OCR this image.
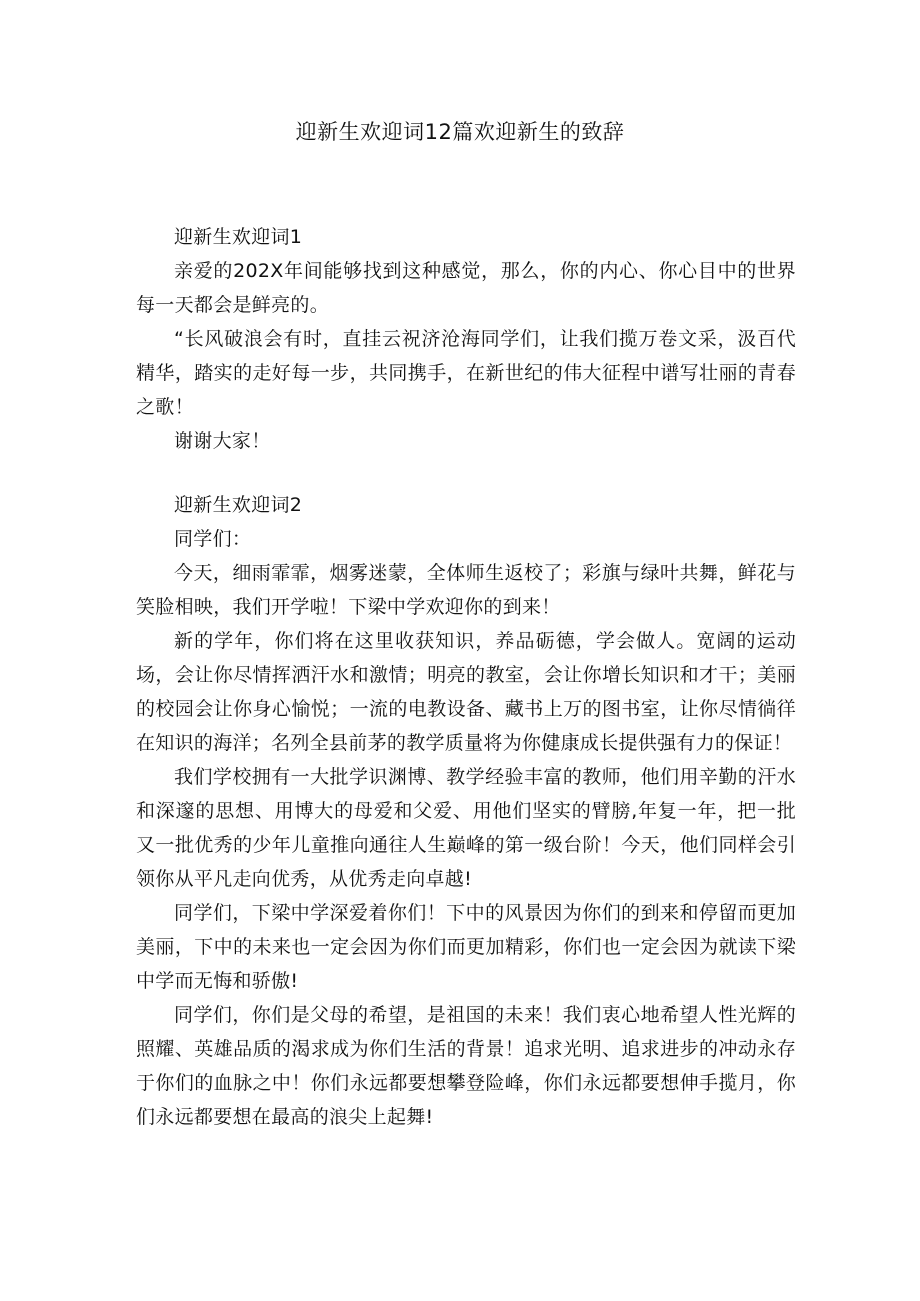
迎新生欢迎词12篇欢迎新生的致辞
迎新生欢迎词1

亲爱的202X年间能够找到这种感觉，那么，你的内心、你心目中的世界每一天都会是鲜亮的。

“长风破浪会有时，直挂云祝济沧海同学们，让我们揽万卷文采，汲百代精华，踏实的走好每一步，共同携手，在新世纪的伟大征程中谱写壮丽的青春之歌！

谢谢大家！

迎新生欢迎词2

同学们：

今天，细雨霏霏，烟雾迷蒙，全体师生返校了；彩旗与绿叶共舞，鲜花与笑脸相映，我们开学啦！下梁中学欢迎你的到来！

新的学年，你们将在这里收获知识，养品砺德，学会做人。宽阔的运动场，会让你尽情挥洒汗水和激情；明亮的教室，会让你增长知识和才干；美丽的校园会让你身心愉悦；一流的电教设备、藏书上万的图书室，让你尽情徜徉在知识的海洋；名列全县前茅的教学质量将为你健康成长提供强有力的保证！

我们学校拥有一大批学识渊博、教学经验丰富的教师，他们用辛勤的汗水和深邃的思想、用博大的母爱和父爱、用他们坚实的臂膀,年复一年，把一批又一批优秀的少年儿童推向通往人生巅峰的第一级台阶！今天，他们同样会引领你从平凡走向优秀，从优秀走向卓越!

同学们，下梁中学深爱着你们！下中的风景因为你们的到来和停留而更加美丽，下中的未来也一定会因为你们而更加精彩，你们也一定会因为就读下梁中学而无悔和骄傲!

同学们，你们是父母的希望，是祖国的未来！我们衷心地希望人性光辉的照耀、英雄品质的渴求成为你们生活的背景！追求光明、追求进步的冲动永存于你们的血脉之中！你们永远都要想攀登险峰，你们永远都要想伸手揽月，你们永远都要想在最高的浪尖上起舞!
